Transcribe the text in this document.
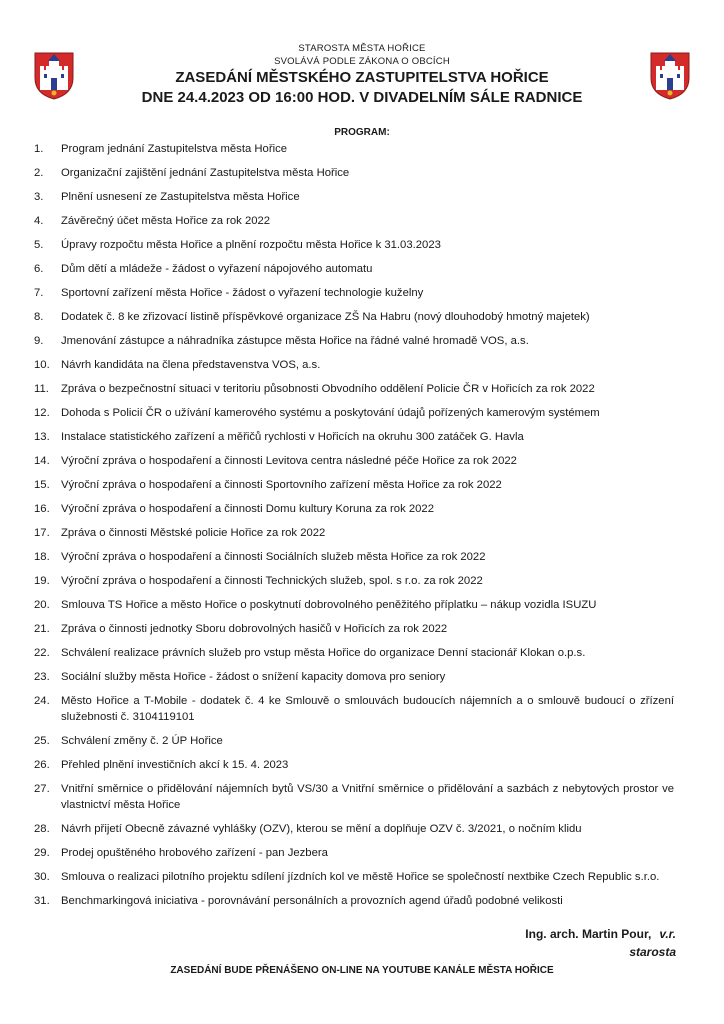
STAROSTA MĚSTA HOŘICE
SVOLÁVÁ PODLE ZÁKONA O OBCÍCH
ZASEDÁNÍ MĚSTSKÉHO ZASTUPITELSTVA HOŘICE
DNE 24.4.2023 OD 16:00 HOD. V DIVADELNÍM SÁLE RADNICE
PROGRAM:
1.	Program jednání Zastupitelstva města Hořice
2.	Organizační zajištění jednání Zastupitelstva města Hořice
3.	Plnění usnesení ze Zastupitelstva města Hořice
4.	Závěrečný účet města Hořice za rok 2022
5.	Úpravy rozpočtu města Hořice a plnění rozpočtu města Hořice k 31.03.2023
6.	Dům dětí a mládeže - žádost o vyřazení nápojového automatu
7.	Sportovní zařízení města Hořice - žádost o vyřazení technologie kuželny
8.	Dodatek č. 8 ke zřizovací listině příspěvkové organizace ZŠ Na Habru (nový dlouhodobý hmotný majetek)
9.	Jmenování zástupce a náhradníka zástupce města Hořice na řádné valné hromadě VOS, a.s.
10. Návrh kandidáta na člena představenstva VOS, a.s.
11.	Zpráva o bezpečnostní situaci v teritoriu působnosti Obvodního oddělení Policie ČR v Hořicích za rok 2022
12. Dohoda s Policií ČR o užívání kamerového systému a poskytování údajů pořízených kamerovým systémem
13. Instalace statistického zařízení a měřičů rychlosti v Hořicích na okruhu 300 zatáček G. Havla
14. Výroční zpráva o hospodaření a činnosti Levitova centra následné péče Hořice za rok 2022
15. Výroční zpráva o hospodaření a činnosti Sportovního zařízení města Hořice za rok 2022
16. Výroční zpráva o hospodaření a činnosti Domu kultury Koruna za rok 2022
17. Zpráva o činnosti Městské policie Hořice za rok 2022
18. Výroční zpráva o hospodaření a činnosti Sociálních služeb města Hořice za rok 2022
19. Výroční zpráva o hospodaření a činnosti Technických služeb, spol. s r.o. za rok 2022
20. Smlouva TS Hořice a město Hořice o poskytnutí dobrovolného peněžitého příplatku – nákup vozidla ISUZU
21. Zpráva o činnosti jednotky Sboru dobrovolných hasičů v Hořicích za rok 2022
22. Schválení realizace právních služeb pro vstup města Hořice do organizace Denní stacionář Klokan o.p.s.
23. Sociální služby města Hořice - žádost o snížení kapacity domova pro seniory
24. Město Hořice a T-Mobile - dodatek č. 4 ke Smlouvě o smlouvách budoucích nájemních a o smlouvě budoucí o zřízení služebnosti č. 3104119101
25. Schválení změny č. 2 ÚP Hořice
26. Přehled plnění investičních akcí k 15. 4. 2023
27. Vnitřní směrnice o přidělování nájemních bytů VS/30 a Vnitřní směrnice o přidělování a sazbách z nebytových prostor ve vlastnictví města Hořice
28. Návrh přijetí Obecně závazné vyhlášky (OZV), kterou se mění a doplňuje OZV č. 3/2021, o nočním klidu
29. Prodej opuštěného hrobového zařízení - pan Jezbera
30. Smlouva o realizaci pilotního projektu sdílení jízdních kol ve městě Hořice se společností nextbike Czech Republic s.r.o.
31. Benchmarkingová iniciativa - porovnávání personálních a provozních agend úřadů podobné velikosti
Ing. arch. Martin Pour, v.r.
starosta
ZASEDÁNÍ BUDE PŘENÁŠENO ON-LINE NA YOUTUBE KANÁLE MĚSTA HOŘICE
